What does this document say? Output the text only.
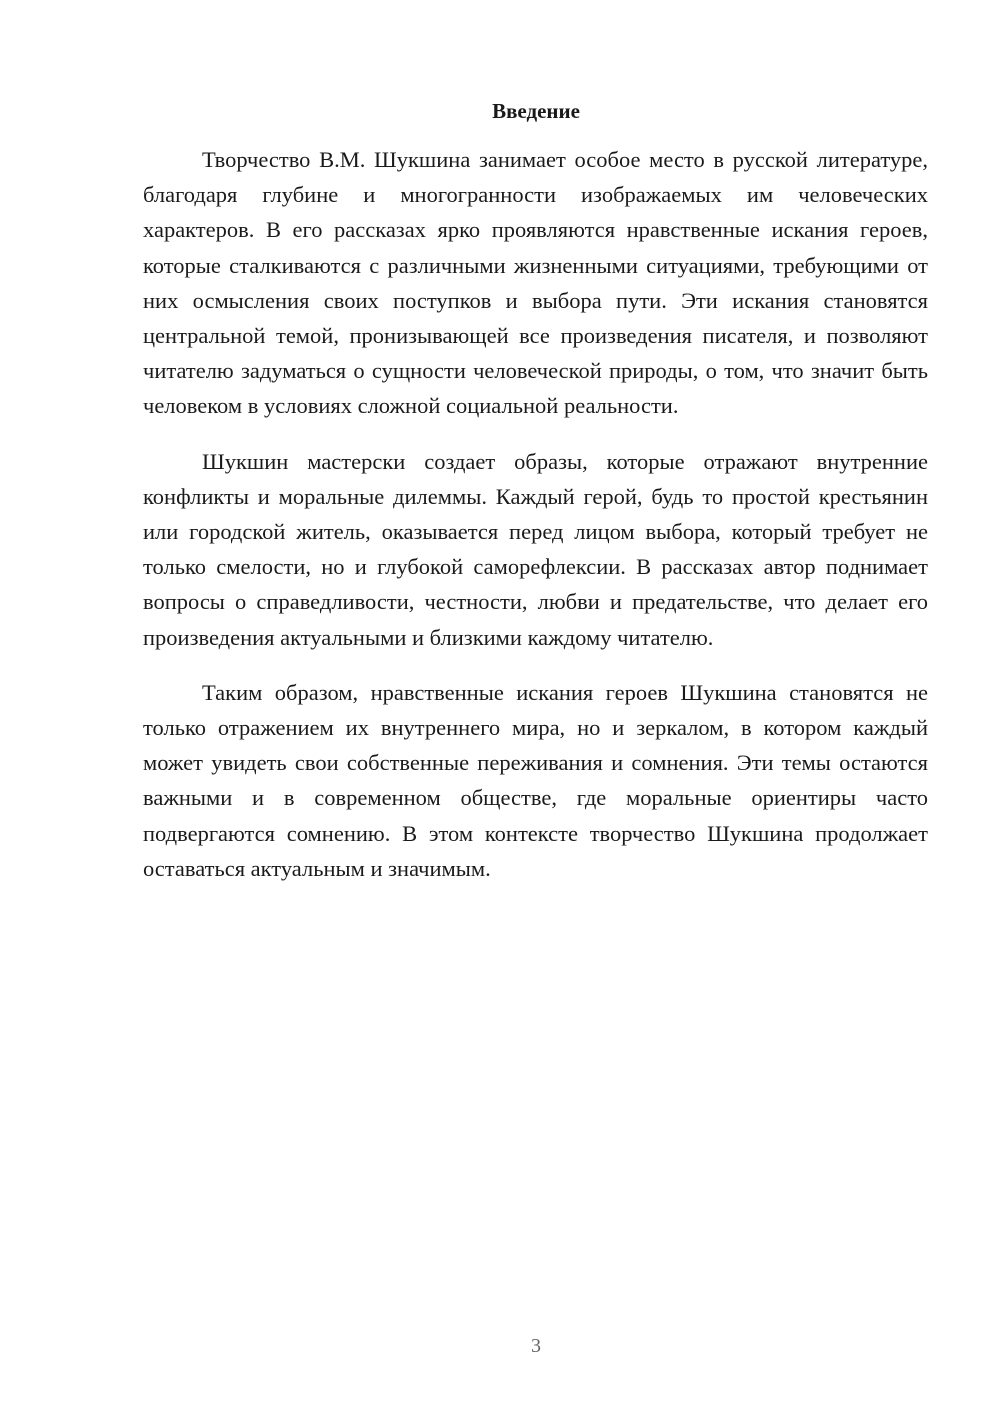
Введение

Творчество В.М. Шукшина занимает особое место в русской литературе, благодаря глубине и многогранности изображаемых им человеческих характеров. В его рассказах ярко проявляются нравственные искания героев, которые сталкиваются с различными жизненными ситуациями, требующими от них осмысления своих поступков и выбора пути. Эти искания становятся центральной темой, пронизывающей все произведения писателя, и позволяют читателю задуматься о сущности человеческой природы, о том, что значит быть человеком в условиях сложной социальной реальности.

Шукшин мастерски создает образы, которые отражают внутренние конфликты и моральные дилеммы. Каждый герой, будь то простой крестьянин или городской житель, оказывается перед лицом выбора, который требует не только смелости, но и глубокой саморефлексии. В рассказах автор поднимает вопросы о справедливости, честности, любви и предательстве, что делает его произведения актуальными и близкими каждому читателю.

Таким образом, нравственные искания героев Шукшина становятся не только отражением их внутреннего мира, но и зеркалом, в котором каждый может увидеть свои собственные переживания и сомнения. Эти темы остаются важными и в современном обществе, где моральные ориентиры часто подвергаются сомнению. В этом контексте творчество Шукшина продолжает оставаться актуальным и значимым.

3
